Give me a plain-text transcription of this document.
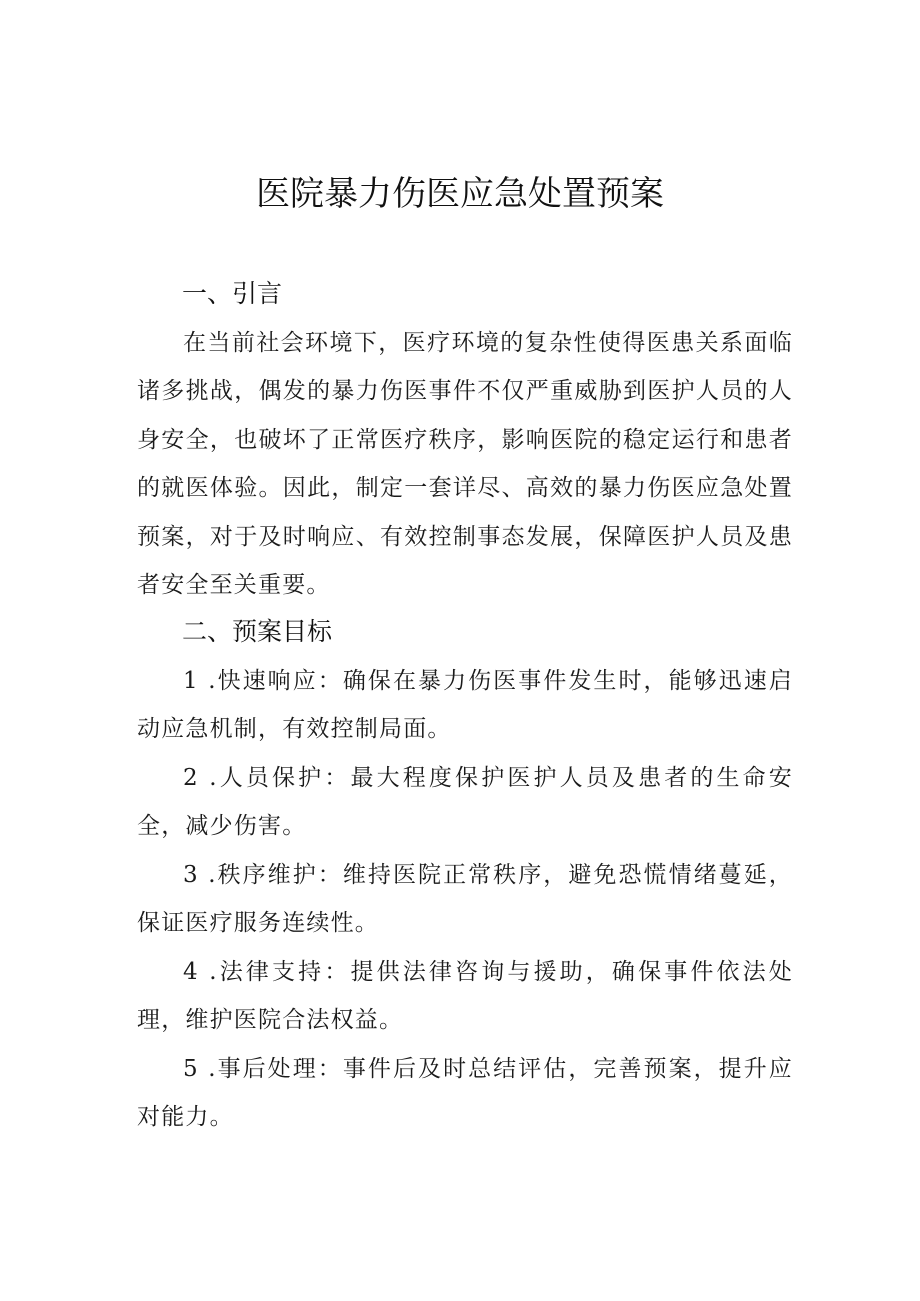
医院暴力伤医应急处置预案
一、引言
在当前社会环境下，医疗环境的复杂性使得医患关系面临诸多挑战，偶发的暴力伤医事件不仅严重威胁到医护人员的人身安全，也破坏了正常医疗秩序，影响医院的稳定运行和患者的就医体验。因此，制定一套详尽、高效的暴力伤医应急处置预案，对于及时响应、有效控制事态发展，保障医护人员及患者安全至关重要。
二、预案目标
1 .快速响应：确保在暴力伤医事件发生时，能够迅速启动应急机制，有效控制局面。
2 .人员保护：最大程度保护医护人员及患者的生命安全，减少伤害。
3 .秩序维护：维持医院正常秩序，避免恐慌情绪蔓延，保证医疗服务连续性。
4 .法律支持：提供法律咨询与援助，确保事件依法处理，维护医院合法权益。
5 .事后处理：事件后及时总结评估，完善预案，提升应对能力。
